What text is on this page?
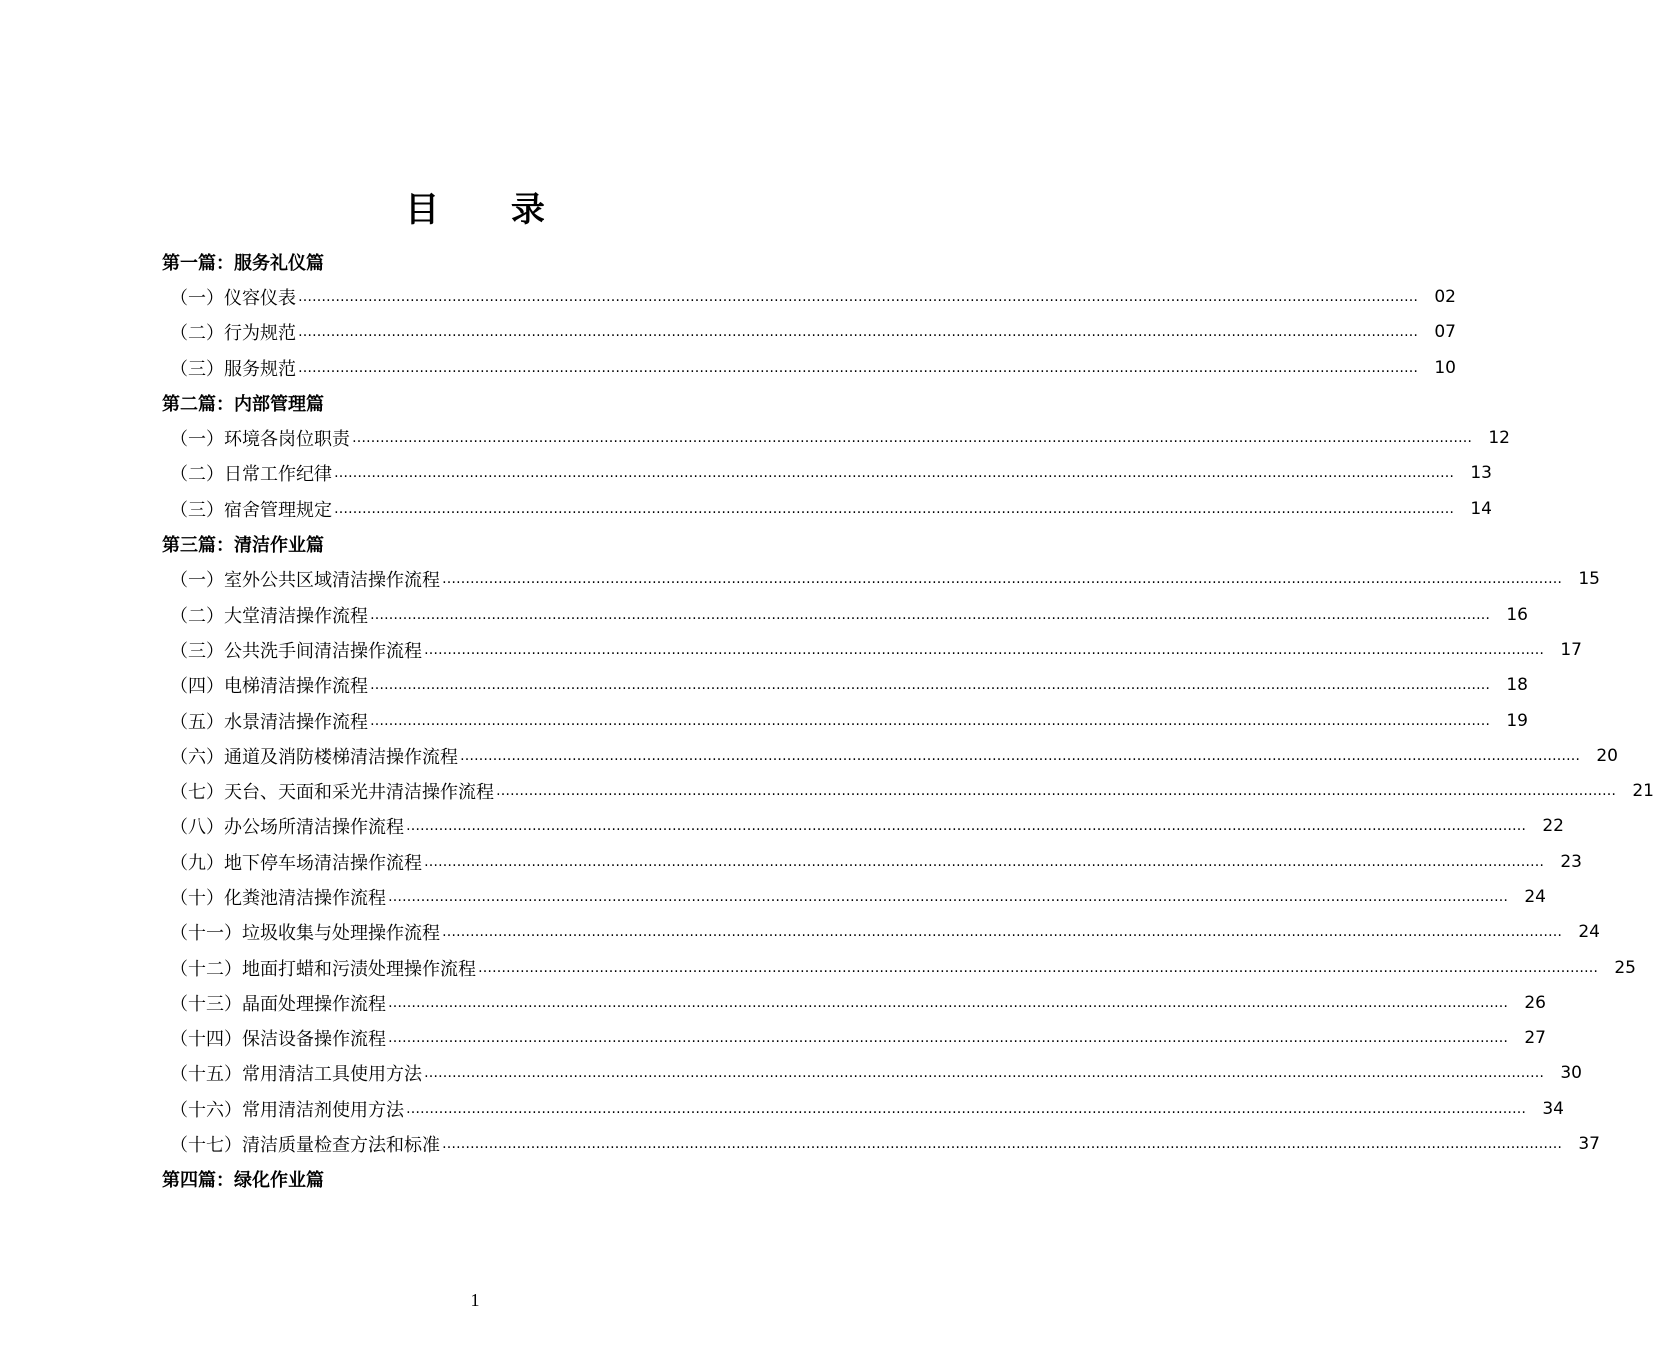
目 录
第一篇：服务礼仪篇
（一）仪容仪表 …………………………………………………………………………………………………………………………………………………………………………………………………………………… 02
（二）行为规范 …………………………………………………………………………………………………………………………………………………………………………………………………………………… 07
（三）服务规范 …………………………………………………………………………………………………………………………………………………………………………………………………………………… 10
第二篇：内部管理篇
（一）环境各岗位职责 …………………………………………………………………………………………………………………………………………………………………………………………………………………… 12
（二）日常工作纪律 …………………………………………………………………………………………………………………………………………………………………………………………………………………… 13
（三）宿舍管理规定 …………………………………………………………………………………………………………………………………………………………………………………………………………………… 14
第三篇：清洁作业篇
（一）室外公共区域清洁操作流程 …………………………………………………………………………………………………………………………………………………………………………………………………………………… 15
（二）大堂清洁操作流程 …………………………………………………………………………………………………………………………………………………………………………………………………………………… 16
（三）公共洗手间清洁操作流程 …………………………………………………………………………………………………………………………………………………………………………………………………………………… 17
（四）电梯清洁操作流程 …………………………………………………………………………………………………………………………………………………………………………………………………………………… 18
（五）水景清洁操作流程 …………………………………………………………………………………………………………………………………………………………………………………………………………………… 19
（六）通道及消防楼梯清洁操作流程 …………………………………………………………………………………………………………………………………………………………………………………………………………………… 20
（七）天台、天面和采光井清洁操作流程 …………………………………………………………………………………………………………………………………………………………………………………………………………………… 21
（八）办公场所清洁操作流程 …………………………………………………………………………………………………………………………………………………………………………………………………………………… 22
（九）地下停车场清洁操作流程 …………………………………………………………………………………………………………………………………………………………………………………………………………………… 23
（十）化粪池清洁操作流程 …………………………………………………………………………………………………………………………………………………………………………………………………………………… 24
（十一）垃圾收集与处理操作流程 …………………………………………………………………………………………………………………………………………………………………………………………………………………… 24
（十二）地面打蜡和污渍处理操作流程 …………………………………………………………………………………………………………………………………………………………………………………………………………………… 25
（十三）晶面处理操作流程 …………………………………………………………………………………………………………………………………………………………………………………………………………………… 26
（十四）保洁设备操作流程 …………………………………………………………………………………………………………………………………………………………………………………………………………………… 27
（十五）常用清洁工具使用方法 …………………………………………………………………………………………………………………………………………………………………………………………………………………… 30
（十六）常用清洁剂使用方法 …………………………………………………………………………………………………………………………………………………………………………………………………………………… 34
（十七）清洁质量检查方法和标准 …………………………………………………………………………………………………………………………………………………………………………………………………………………… 37
第四篇：绿化作业篇
1
